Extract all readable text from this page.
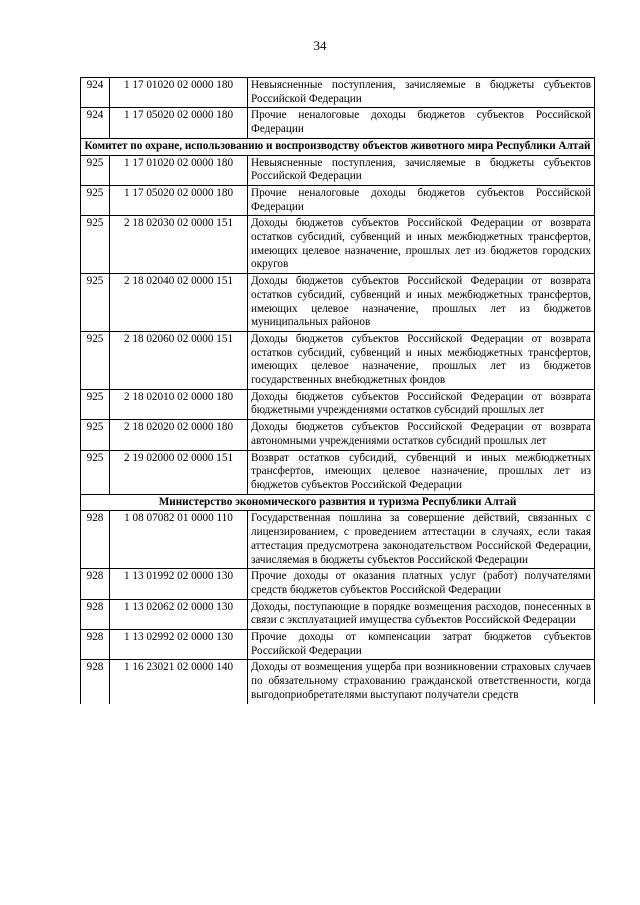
34
924	1 17 01020 02 0000 180	Невыясненные поступления, зачисляемые в бюджеты субъектов Российской Федерации
924	1 17 05020 02 0000 180	Прочие неналоговые доходы бюджетов субъектов Российской Федерации
Комитет по охране, использованию и воспроизводству объектов животного мира Республики Алтай		
925	1 17 01020 02 0000 180	Невыясненные поступления, зачисляемые в бюджеты субъектов Российской Федерации
925	1 17 05020 02 0000 180	Прочие неналоговые доходы бюджетов субъектов Российской Федерации
925	2 18 02030 02 0000 151	Доходы бюджетов субъектов Российской Федерации от возврата остатков субсидий, субвенций и иных межбюджетных трансфертов, имеющих целевое назначение, прошлых лет из бюджетов городских округов
925	2 18 02040 02 0000 151	Доходы бюджетов субъектов Российской Федерации от возврата остатков субсидий, субвенций и иных межбюджетных трансфертов, имеющих целевое назначение, прошлых лет из бюджетов муниципальных районов
925	2 18 02060 02 0000 151	Доходы бюджетов субъектов Российской Федерации от возврата остатков субсидий, субвенций и иных межбюджетных трансфертов, имеющих целевое назначение, прошлых лет из бюджетов государственных внебюджетных фондов
925	2 18 02010 02 0000 180	Доходы бюджетов субъектов Российской Федерации от возврата бюджетными учреждениями остатков субсидий прошлых лет
925	2 18 02020 02 0000 180	Доходы бюджетов субъектов Российской Федерации от возврата автономными учреждениями остатков субсидий прошлых лет
925	2 19 02000 02 0000 151	Возврат остатков субсидий, субвенций и иных межбюджетных трансфертов, имеющих целевое назначение, прошлых лет из бюджетов субъектов Российской Федерации
Министерство экономического развития и туризма Республики Алтай		
928	1 08 07082 01 0000 110	Государственная пошлина за совершение действий, связанных с лицензированием, с проведением аттестации в случаях, если такая аттестация предусмотрена законодательством Российской Федерации, зачисляемая в бюджеты субъектов Российской Федерации
928	1 13 01992 02 0000 130	Прочие доходы от оказания платных услуг (работ) получателями средств бюджетов субъектов Российской Федерации
928	1 13 02062 02 0000 130	Доходы, поступающие в порядке возмещения расходов, понесенных в связи с эксплуатацией имущества субъектов Российской Федерации
928	1 13 02992 02 0000 130	Прочие доходы от компенсации затрат бюджетов субъектов Российской Федерации
928	1 16 23021 02 0000 140	Доходы от возмещения ущерба при возникновении страховых случаев по обязательному страхованию гражданской ответственности, когда выгодоприобретателями выступают получатели средств
